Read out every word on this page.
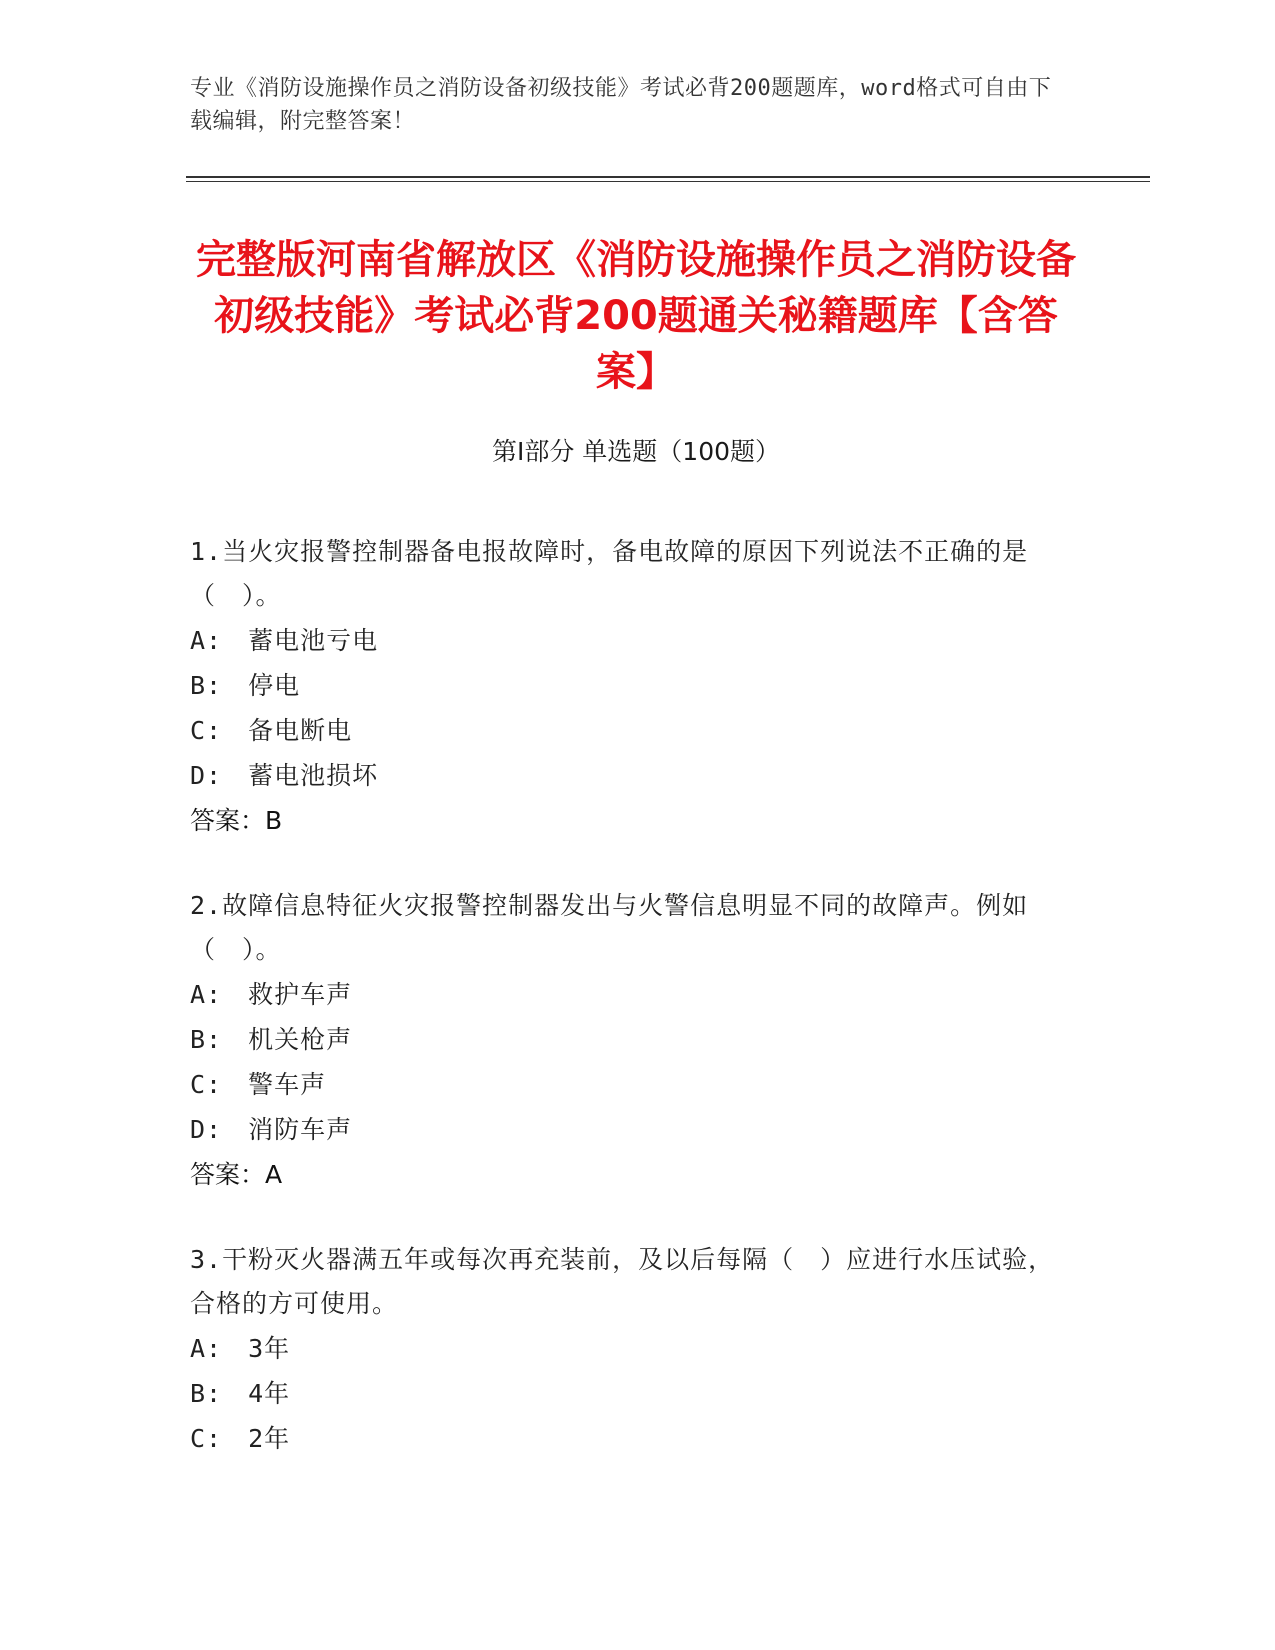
专业《消防设施操作员之消防设备初级技能》考试必背200题题库，word格式可自由下载编辑，附完整答案！
完整版河南省解放区《消防设施操作员之消防设备初级技能》考试必背200题通关秘籍题库【含答案】
第Ⅰ部分 单选题（100题）
1.当火灾报警控制器备电报故障时，备电故障的原因下列说法不正确的是（　）。
A:　蓄电池亏电
B:　停电
C:　备电断电
D:　蓄电池损坏
答案：B
2.故障信息特征火灾报警控制器发出与火警信息明显不同的故障声。例如（　）。
A:　救护车声
B:　机关枪声
C:　警车声
D:　消防车声
答案：A
3.干粉灭火器满五年或每次再充装前，及以后每隔（　）应进行水压试验，合格的方可使用。
A:　3年
B:　4年
C:　2年
